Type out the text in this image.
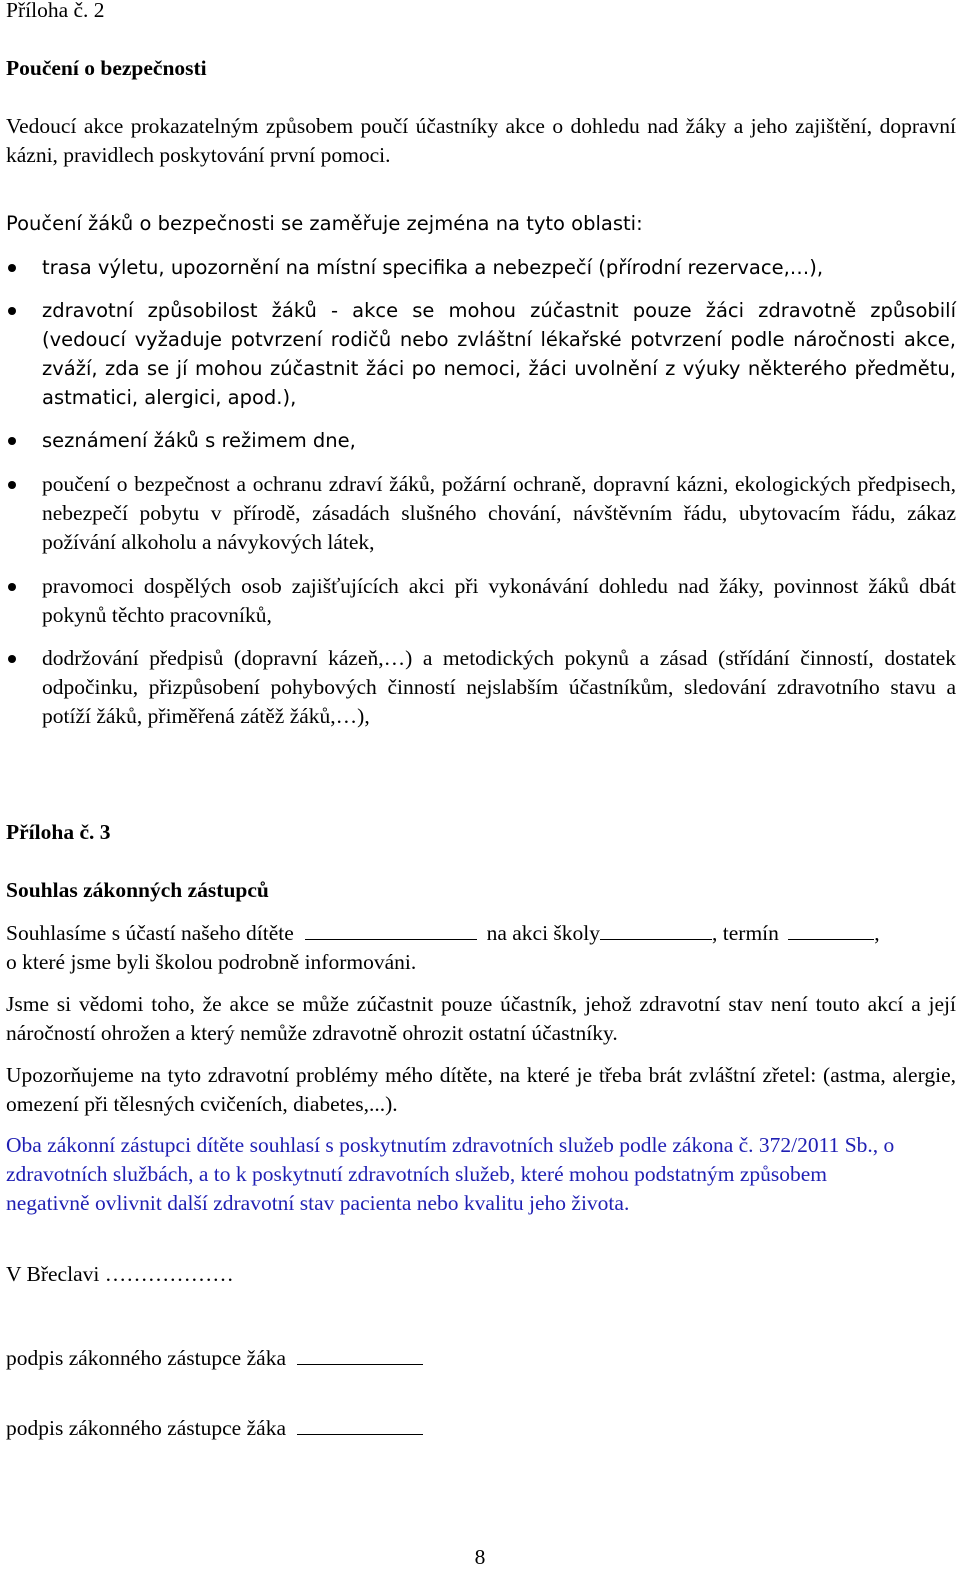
Příloha č. 2
Poučení o bezpečnosti
Vedoucí akce prokazatelným způsobem poučí účastníky akce o dohledu nad žáky a jeho zajištění, dopravní kázni, pravidlech poskytování první pomoci.
Poučení žáků o bezpečnosti se zaměřuje zejména na tyto oblasti:
trasa výletu, upozornění na místní specifika a nebezpečí (přírodní rezervace,…),
zdravotní způsobilost žáků - akce se mohou zúčastnit pouze žáci zdravotně způsobilí (vedoucí vyžaduje potvrzení rodičů nebo zvláštní lékařské potvrzení podle náročnosti akce, zváží, zda se jí mohou zúčastnit žáci po nemoci, žáci uvolnění z výuky některého předmětu, astmatici, alergici, apod.),
seznámení žáků s režimem dne,
poučení o bezpečnost a ochranu zdraví žáků, požární ochraně, dopravní kázni, ekologických předpisech, nebezpečí pobytu v přírodě, zásadách slušného chování, návštěvním řádu, ubytovacím řádu, zákaz požívání alkoholu a návykových látek,
pravomoci dospělých osob zajišťujících akci při vykonávání dohledu nad žáky, povinnost žáků dbát pokynů těchto pracovníků,
dodržování předpisů (dopravní kázeň,…) a metodických pokynů a zásad (střídání činností, dostatek odpočinku, přizpůsobení pohybových činností nejslabším účastníkům, sledování zdravotního stavu a potíží žáků, přiměřená zátěž žáků,…),
Příloha č. 3
Souhlas zákonných zástupců
Souhlasíme s účastí našeho dítěte	na akci školy	, termín	,
o které jsme byli školou podrobně informováni.
Jsme si vědomi toho, že akce se může zúčastnit pouze účastník, jehož zdravotní stav není touto akcí a její náročností ohrožen a který nemůže zdravotně ohrozit ostatní účastníky.
Upozorňujeme na tyto zdravotní problémy mého dítěte, na které je třeba brát zvláštní zřetel: (astma, alergie, omezení při tělesných cvičeních, diabetes,...).
Oba zákonní zástupci dítěte souhlasí s poskytnutím zdravotních služeb podle zákona č. 372/2011 Sb., o zdravotních službách, a to k poskytnutí zdravotních služeb, které mohou podstatným způsobem negativně ovlivnit další zdravotní stav pacienta nebo kvalitu jeho života.
V Břeclavi ………………
podpis zákonného zástupce žáka
podpis zákonného zástupce žáka
8
